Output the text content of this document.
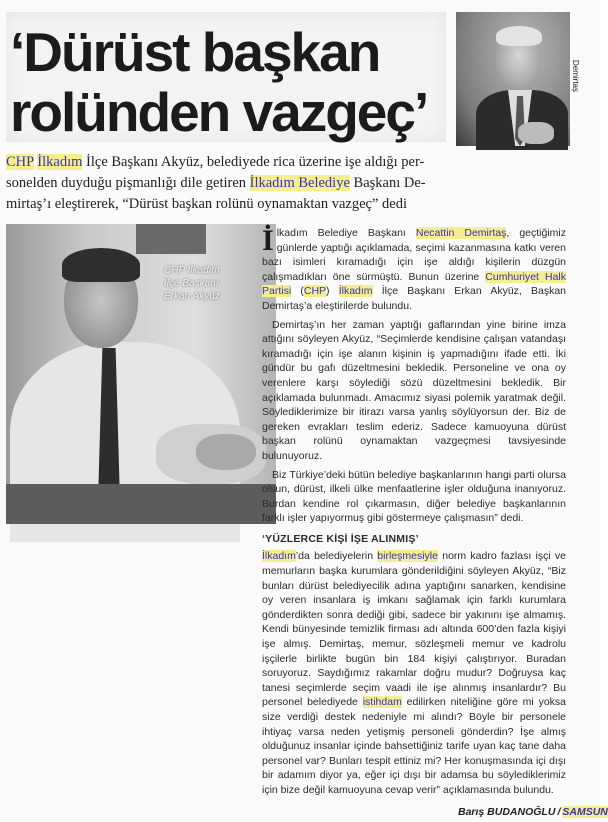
‘Dürüst başkan
rolünden vazgeç’
Demirtaş
CHP İlkadım İlçe Başkanı Akyüz, belediyede rica üzerine işe aldığı per-
sonelden duyduğu pişmanlığı dile getiren İlkadım Belediye Başkanı De-
mirtaş’ı eleştirerek, “Dürüst başkan rolünü oynamaktan vazgeç” dedi
CHP İlkadım
İlçe Başkanı
Erkan Akyüz

İlkadım Belediye Başkanı Necattin Demirtaş, geçtiğimiz günlerde yaptığı açıklamada, seçimi kazanmasına katkı veren bazı isimleri kıramadığı için işe aldığı kişilerin düzgün çalışmadıkları öne sürmüştü. Bunun üzerine Cumhuriyet Halk Partisi (CHP) İlkadım İlçe Başkanı Erkan Akyüz, Başkan Demirtaş’a eleştirilerde bulundu.

Demirtaş’ın her zaman yaptığı gaflarından yine birine imza attığını söyleyen Akyüz, “Seçimlerde kendisine çalışan vatandaşı kıramadığı için işe alanın kişinin iş yapmadığını ifade etti. İki gündür bu gafı düzeltmesini bekledik. Personeline ve ona oy verenlere karşı söylediği sözü düzeltmesini bekledik. Bir açıklamada bulunmadı. Amacımız siyasi polemik yaratmak değil. Söylediklerimize bir itirazı varsa yanlış söylüyorsun der. Biz de gereken evrakları teslim ederiz. Sadece kamuoyuna dürüst başkan rolünü oynamaktan vazgeçmesi tavsiyesinde bulunuyoruz.

Biz Türkiye’deki bütün belediye başkanlarının hangi parti olursa olsun, dürüst, ilkeli ülke menfaatlerine işler olduğuna inanıyoruz. Burdan kendine rol çıkarmasın, diğer belediye başkanlarının farklı işler yapıyormuş gibi göstermeye çalışmasın” dedi.

‘YÜZLERCE KİŞİ İŞE ALINMIŞ’

İlkadım’da belediyelerin birleşmesiyle norm kadro fazlası işçi ve memurların başka kurumlara gönderildiğini söyleyen Akyüz, “Biz bunları dürüst belediyecilik adına yaptığını sanarken, kendisine oy veren insanlara iş imkanı sağlamak için farklı kurumlara gönderdikten sonra dediği gibi, sadece bir yakınını işe almamış. Kendi bünyesinde temizlik firması adı altında 600’den fazla kişiyi işe almış. Demirtaş, memur, sözleşmeli memur ve kadrolu işçilerle birlikte bugün bin 184 kişiyi çalıştırıyor. Buradan soruyoruz. Saydığımız rakamlar doğru mudur? Doğruysa kaç tanesi seçimlerde seçim vaadi ile işe alınmış insanlardır? Bu personel belediyede istihdam edilirken niteliğine göre mi yoksa size verdiği destek nedeniyle mi alındı? Böyle bir personele ihtiyaç varsa neden yetişmiş personeli gönderdin? İşe almış olduğunuz insanlar içinde bahsettiğiniz tarife uyan kaç tane daha personel var? Bunları tespit ettiniz mi? Her konuşmasında içi dışı bir adamım diyor ya, eğer içi dışı bir adamsa bu söylediklerimiz için bize değil kamuoyuna cevap verir” açıklamasında bulundu.

Barış BUDANOĞLU / SAMSUN
